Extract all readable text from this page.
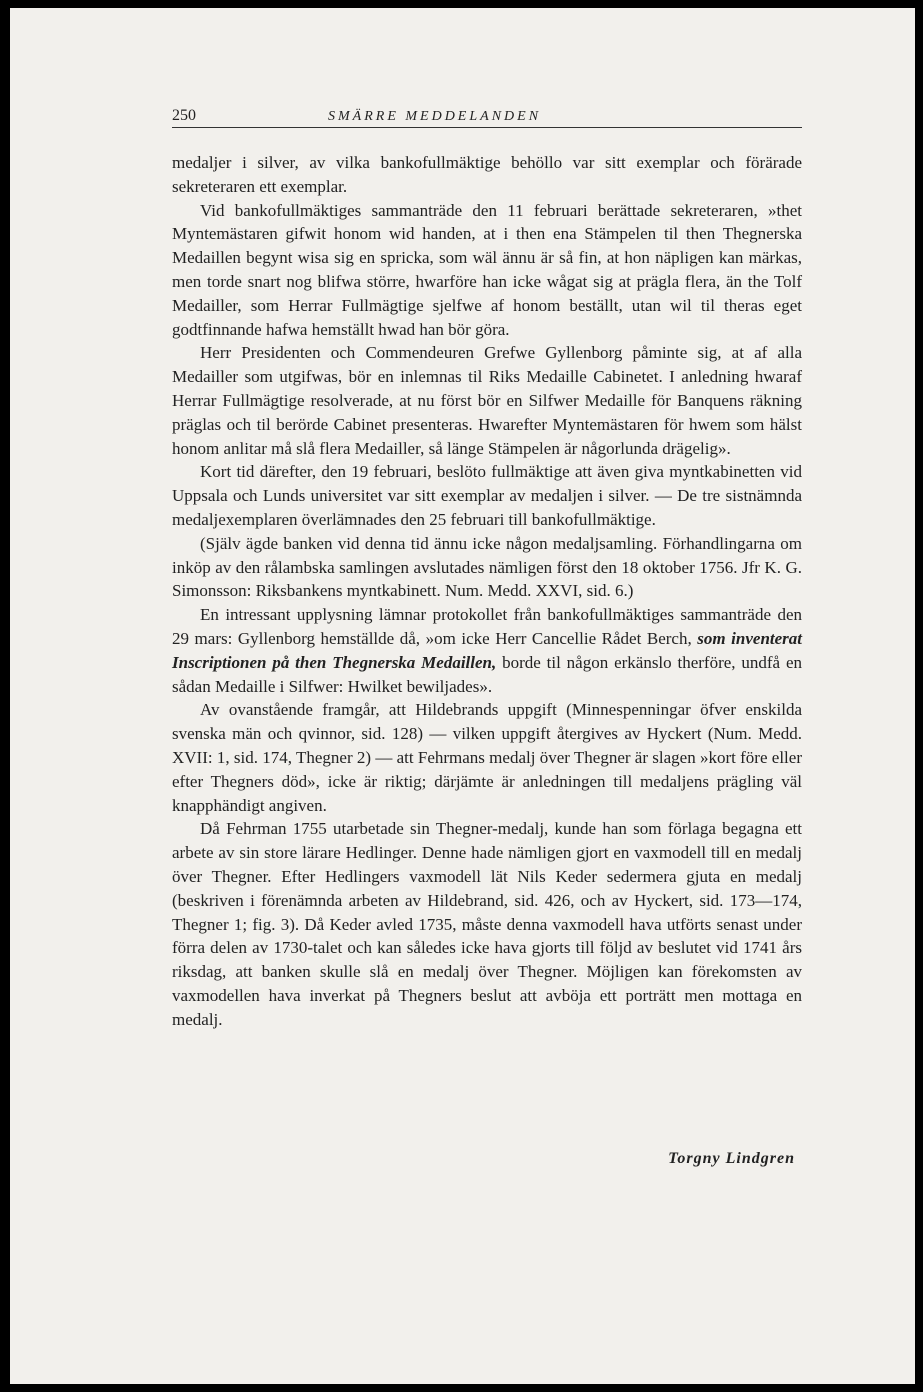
250	SMÄRRE MEDDELANDEN

medaljer i silver, av vilka bankofullmäktige behöllo var sitt exemplar och förärade sekreteraren ett exemplar.

Vid bankofullmäktiges sammanträde den 11 februari berättade sekreteraren, »thet Myntemästaren gifwit honom wid handen, at i then ena Stämpelen til then Thegnerska Medaillen begynt wisa sig en spricka, som wäl ännu är så fin, at hon näpligen kan märkas, men torde snart nog blifwa större, hwarföre han icke wågat sig at prägla flera, än the Tolf Medailler, som Herrar Fullmägtige sjelfwe af honom beställt, utan wil til theras eget godtfinnande hafwa hemställt hwad han bör göra.

Herr Presidenten och Commendeuren Grefwe Gyllenborg påminte sig, at af alla Medailler som utgifwas, bör en inlemnas til Riks Medaille Cabinetet. I anledning hwaraf Herrar Fullmägtige resolverade, at nu först bör en Silfwer Medaille för Banquens räkning präglas och til berörde Cabinet presenteras. Hwarefter Myntemästaren för hwem som hälst honom anlitar må slå flera Medailler, så länge Stämpelen är någorlunda drägelig».

Kort tid därefter, den 19 februari, beslöto fullmäktige att även giva myntkabinetten vid Uppsala och Lunds universitet var sitt exemplar av medaljen i silver. — De tre sistnämnda medaljexemplaren överlämnades den 25 februari till bankofullmäktige.

(Själv ägde banken vid denna tid ännu icke någon medaljsamling. Förhandlingarna om inköp av den rålambska samlingen avslutades nämligen först den 18 oktober 1756. Jfr K. G. Simonsson: Riksbankens myntkabinett. Num. Medd. XXVI, sid. 6.)

En intressant upplysning lämnar protokollet från bankofullmäktiges sammanträde den 29 mars: Gyllenborg hemställde då, »om icke Herr Cancellie Rådet Berch, som inventerat Inscriptionen på then Thegnerska Medaillen, borde til någon erkänslo therföre, undfå en sådan Medaille i Silfwer: Hwilket bewiljades».

Av ovanstående framgår, att Hildebrands uppgift (Minnespenningar öfver enskilda svenska män och qvinnor, sid. 128) — vilken uppgift återgives av Hyckert (Num. Medd. XVII: 1, sid. 174, Thegner 2) — att Fehrmans medalj över Thegner är slagen »kort före eller efter Thegners död», icke är riktig; därjämte är anledningen till medaljens prägling väl knapphändigt angiven.

Då Fehrman 1755 utarbetade sin Thegner-medalj, kunde han som förlaga begagna ett arbete av sin store lärare Hedlinger. Denne hade nämligen gjort en vaxmodell till en medalj över Thegner. Efter Hedlingers vaxmodell lät Nils Keder sedermera gjuta en medalj (beskriven i förenämnda arbeten av Hildebrand, sid. 426, och av Hyckert, sid. 173—174, Thegner 1; fig. 3). Då Keder avled 1735, måste denna vaxmodell hava utförts senast under förra delen av 1730-talet och kan således icke hava gjorts till följd av beslutet vid 1741 års riksdag, att banken skulle slå en medalj över Thegner. Möjligen kan förekomsten av vaxmodellen hava inverkat på Thegners beslut att avböja ett porträtt men mottaga en medalj.

Torgny Lindgren
